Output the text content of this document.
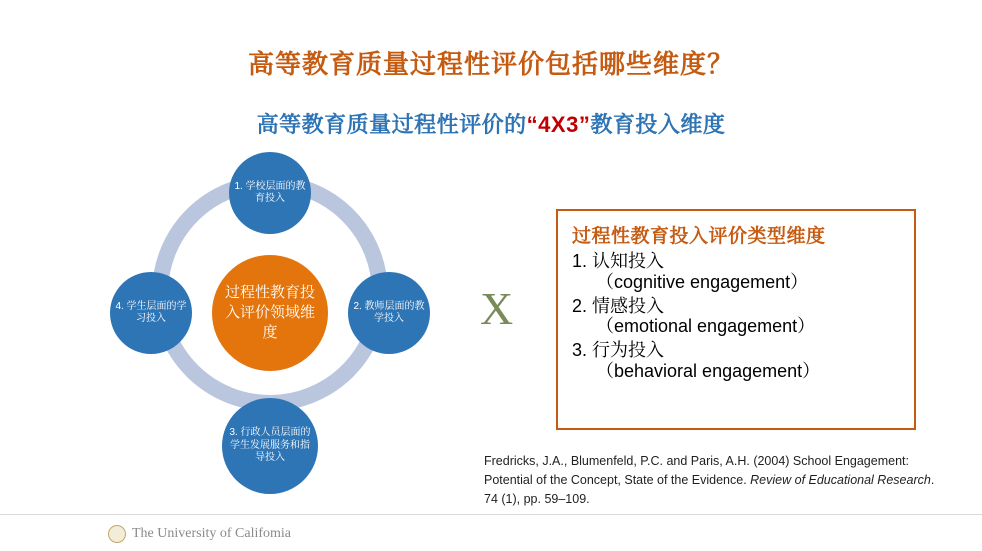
高等教育质量过程性评价包括哪些维度？
高等教育质量过程性评价的“4X3”教育投入维度
1. 学校层面的教育投入
2. 教师层面的教学投入
3. 行政人员层面的学生发展服务和指导投入
4. 学生层面的学习投入
过程性教育投入评价领域维度	X
过程性教育投入评价类型维度
1. 认知投入
（cognitive engagement）
2. 情感投入
（emotional engagement）
3. 行为投入
（behavioral engagement）
Fredricks, J.A., Blumenfeld, P.C. and Paris, A.H. (2004) School Engagement:
Potential of the Concept, State of the Evidence. Review of Educational Research.
74 (1), pp. 59–109.
The University of Califomia
